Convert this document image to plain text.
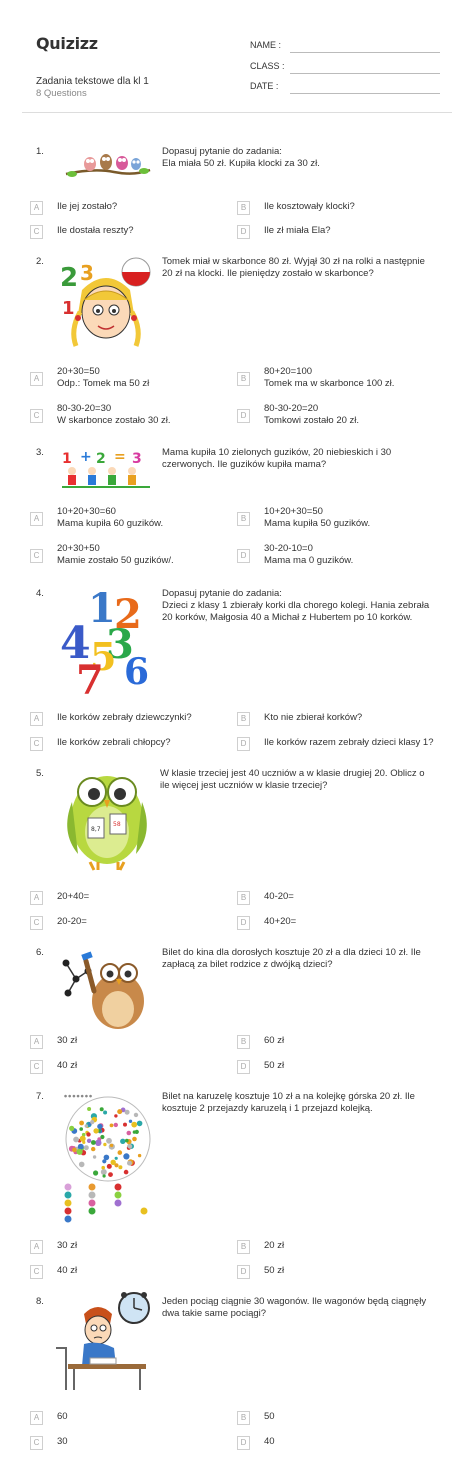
Quizizz
Zadania tekstowe dla kl 1
8 Questions
NAME :
CLASS :
DATE :
1.	Dopasuj pytanie do zadania:
Ela miała 50 zł. Kupiła klocki za 30 zł.
A	Ile jej zostało?	B	Ile kosztowały klocki?
C	Ile dostała reszty?	D	Ile zł miała Ela?
2.	Tomek miał w skarbonce 80 zł. Wyjął 30 zł na rolki a następnie
20 zł na klocki. Ile pieniędzy zostało w skarbonce?
2 3
1
A
20+30=50
Odp.: Tomek ma 50 zł	B
80+20=100
Tomek ma w skarbonce 100 zł.
C
80-30-20=30
W skarbonce zostało 30 zł.	D
80-30-20=20
Tomkowi zostało 20 zł.
3.	Mama kupiła 10 zielonych guzików, 20 niebieskich i 30
czerwonych. Ile guzików kupiła mama?
1 + 2 = 3
A
10+20+30=60
Mama kupiła 60 guzików.	B
10+20+30=50
Mama kupiła 50 guzików.
C
20+30+50
Mamie zostało 50 guzików/.	D
30-20-10=0
Mama ma 0 guzików.
4.	Dopasuj pytanie do zadania:
Dzieci z klasy 1 zbierały korki dla chorego kolegi. Hania zebrała
20 korków, Małgosia 40 a Michał z Hubertem po 10 korków.
1
2
4 3
5 6
7
A	Ile korków zebrały dziewczynki?	B	Kto nie zbierał korków?
C	Ile korków zebrali chłopcy?	D	Ile korków razem zebrały dzieci klasy 1?
5.	W klasie trzeciej jest 40 uczniów a w klasie drugiej 20. Oblicz o
ile więcej jest uczniów w klasie trzeciej?
8,7
58
A	20+40=	B	40-20=
C	20-20=	D	40+20=
6.	Bilet do kina dla dorosłych kosztuje 20 zł a dla dzieci 10 zł. Ile
zapłacą za bilet rodzice z dwójką dzieci?
A	30 zł	B	60 zł
C	40 zł	D	50 zł
7.	Bilet na karuzelę kosztuje 10 zł a na kolejkę górska 20 zł. Ile
kosztuje 2 przejazdy karuzelą i 1 przejazd kolejką.
● ● ● ● ● ● ●
A	30 zł	B	20 zł
C	40 zł	D	50 zł
8.	Jeden pociąg ciągnie 30 wagonów. Ile wagonów będą ciągnęły
dwa takie same pociągi?
A	60	B	50
C	30	D	40
